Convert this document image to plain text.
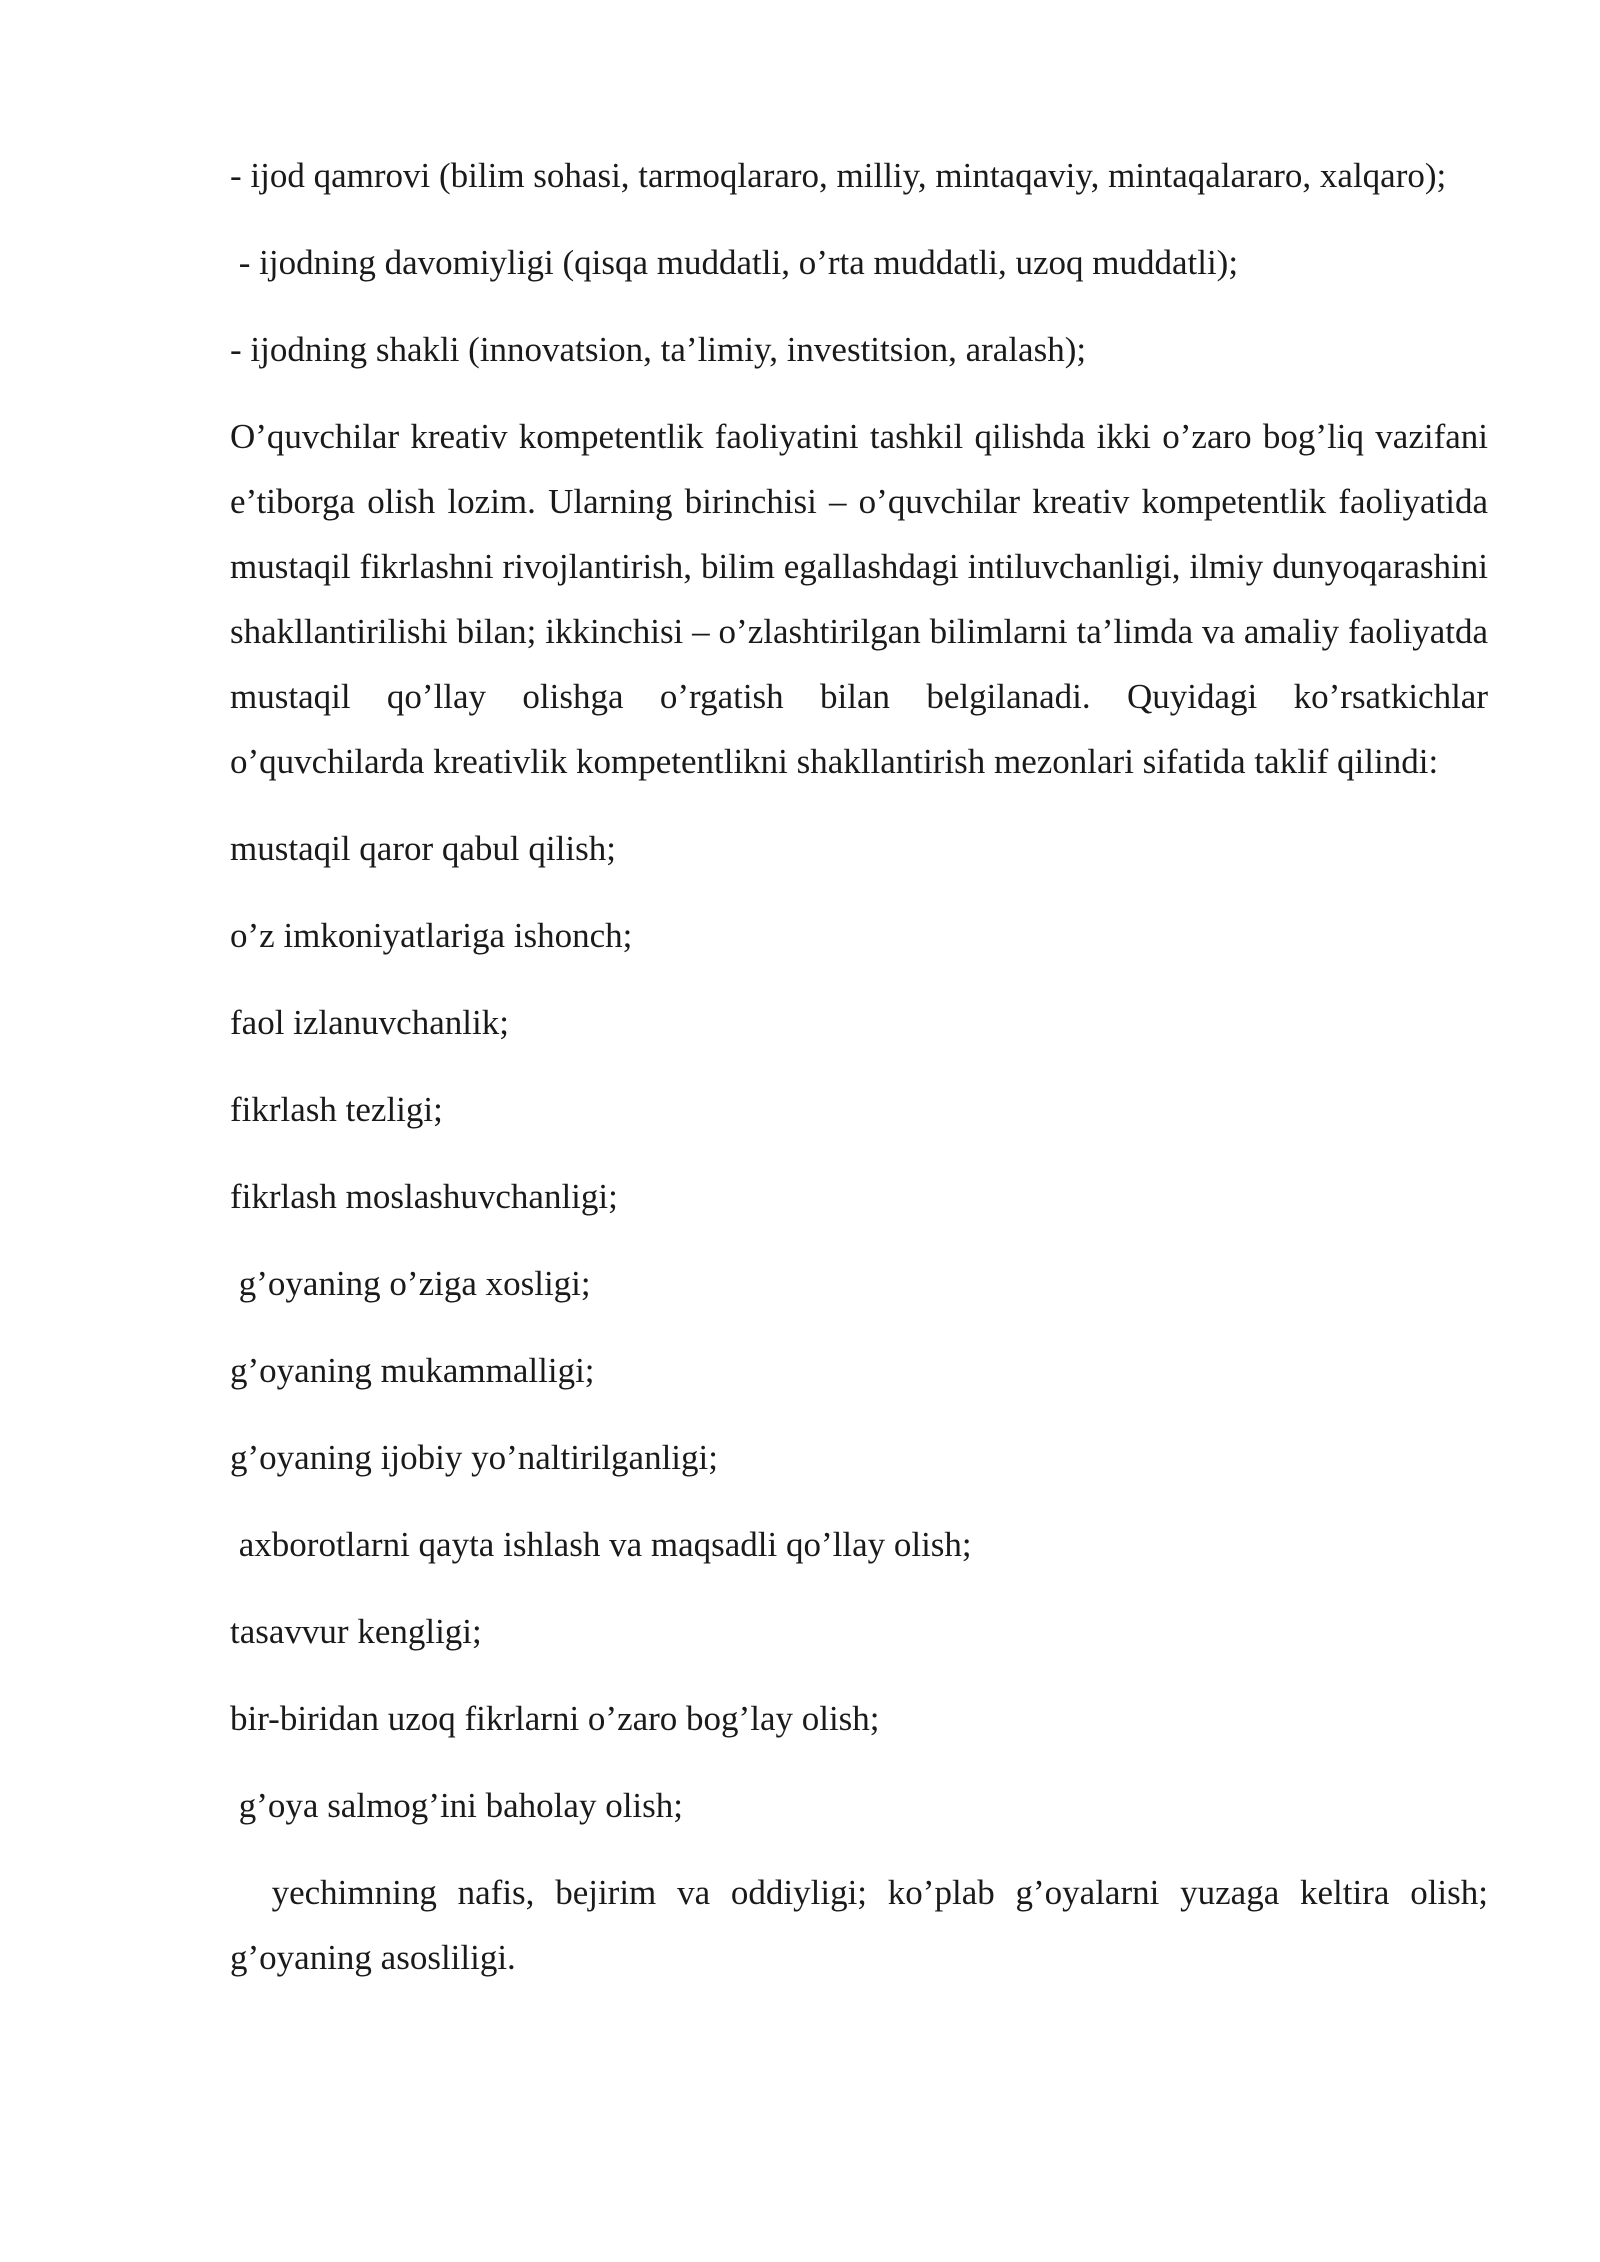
- ijod qamrovi (bilim sohasi, tarmoqlararo, milliy, mintaqaviy, mintaqalararo, xalqaro);

- ijodning davomiyligi (qisqa muddatli, o’rta muddatli, uzoq muddatli);

- ijodning shakli (innovatsion, ta’limiy, investitsion, aralash);

O’quvchilar kreativ kompetentlik faoliyatini tashkil qilishda ikki o’zaro bog’liq vazifani e’tiborga olish lozim. Ularning birinchisi – o’quvchilar kreativ kompetentlik faoliyatida mustaqil fikrlashni rivojlantirish, bilim egallashdagi intiluvchanligi, ilmiy dunyoqarashini shakllantirilishi bilan; ikkinchisi – o’zlashtirilgan bilimlarni ta’limda va amaliy faoliyatda mustaqil qo’llay olishga o’rgatish bilan belgilanadi. Quyidagi ko’rsatkichlar o’quvchilarda kreativlik kompetentlikni shakllantirish mezonlari sifatida taklif qilindi:

mustaqil qaror qabul qilish;

o’z imkoniyatlariga ishonch;

faol izlanuvchanlik;

fikrlash tezligi;

fikrlash moslashuvchanligi;

g’oyaning o’ziga xosligi;

g’oyaning mukammalligi;

g’oyaning ijobiy yo’naltirilganligi;

axborotlarni qayta ishlash va maqsadli qo’llay olish;

tasavvur kengligi;

bir-biridan uzoq fikrlarni o’zaro bog’lay olish;

g’oya salmog’ini baholay olish;

yechimning nafis, bejirim va oddiyligi; ko’plab g’oyalarni yuzaga keltira olish; g’oyaning asosliligi.
